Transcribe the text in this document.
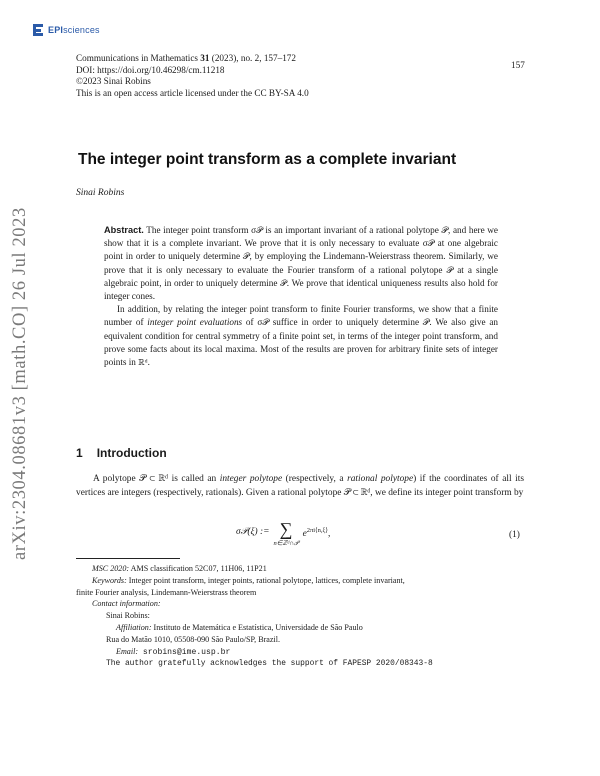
EPIsciences
Communications in Mathematics 31 (2023), no. 2, 157–172
DOI: https://doi.org/10.46298/cm.11218
©2023 Sinai Robins
This is an open access article licensed under the CC BY-SA 4.0
157
arXiv:2304.08681v3 [math.CO] 26 Jul 2023
The integer point transform as a complete invariant
Sinai Robins

Abstract. The integer point transform σ𝒫 is an important invariant of a rational polytope 𝒫, and here we show that it is a complete invariant. We prove that it is only necessary to evaluate σ𝒫 at one algebraic point in order to uniquely determine 𝒫, by employing the Lindemann-Weierstrass theorem. Similarly, we prove that it is only necessary to evaluate the Fourier transform of a rational polytope 𝒫 at a single algebraic point, in order to uniquely determine 𝒫. We prove that identical uniqueness results also hold for integer cones.

In addition, by relating the integer point transform to finite Fourier transforms, we show that a finite number of integer point evaluations of σ𝒫 suffice in order to uniquely determine 𝒫. We also give an equivalent condition for central symmetry of a finite point set, in terms of the integer point transform, and prove some facts about its local maxima. Most of the results are proven for arbitrary finite sets of integer points in ℝᵈ.

1 Introduction

A polytope 𝒫 ⊂ ℝᵈ is called an integer polytope (respectively, a rational polytope) if the coordinates of all its vertices are integers (respectively, rationals). Given a rational polytope 𝒫 ⊂ ℝᵈ, we define its integer point transform by

σ𝒫(ξ) := ∑
n∈ℤᵈ∩𝒫
$e^{2\pi i⟨n,\xi⟩}$,	(1)
MSC 2020: AMS classification 52C07, 11H06, 11P21
Keywords: Integer point transform, integer points, rational polytope, lattices, complete invariant,
finite Fourier analysis, Lindemann-Weierstrass theorem
Contact information:
Sinai Robins:
Affiliation: Instituto de Matemática e Estatística, Universidade de São Paulo
Rua do Matão 1010, 05508-090 São Paulo/SP, Brazil.
Email: srobins@ime.usp.br
The author gratefully acknowledges the support of FAPESP 2020/08343-8
